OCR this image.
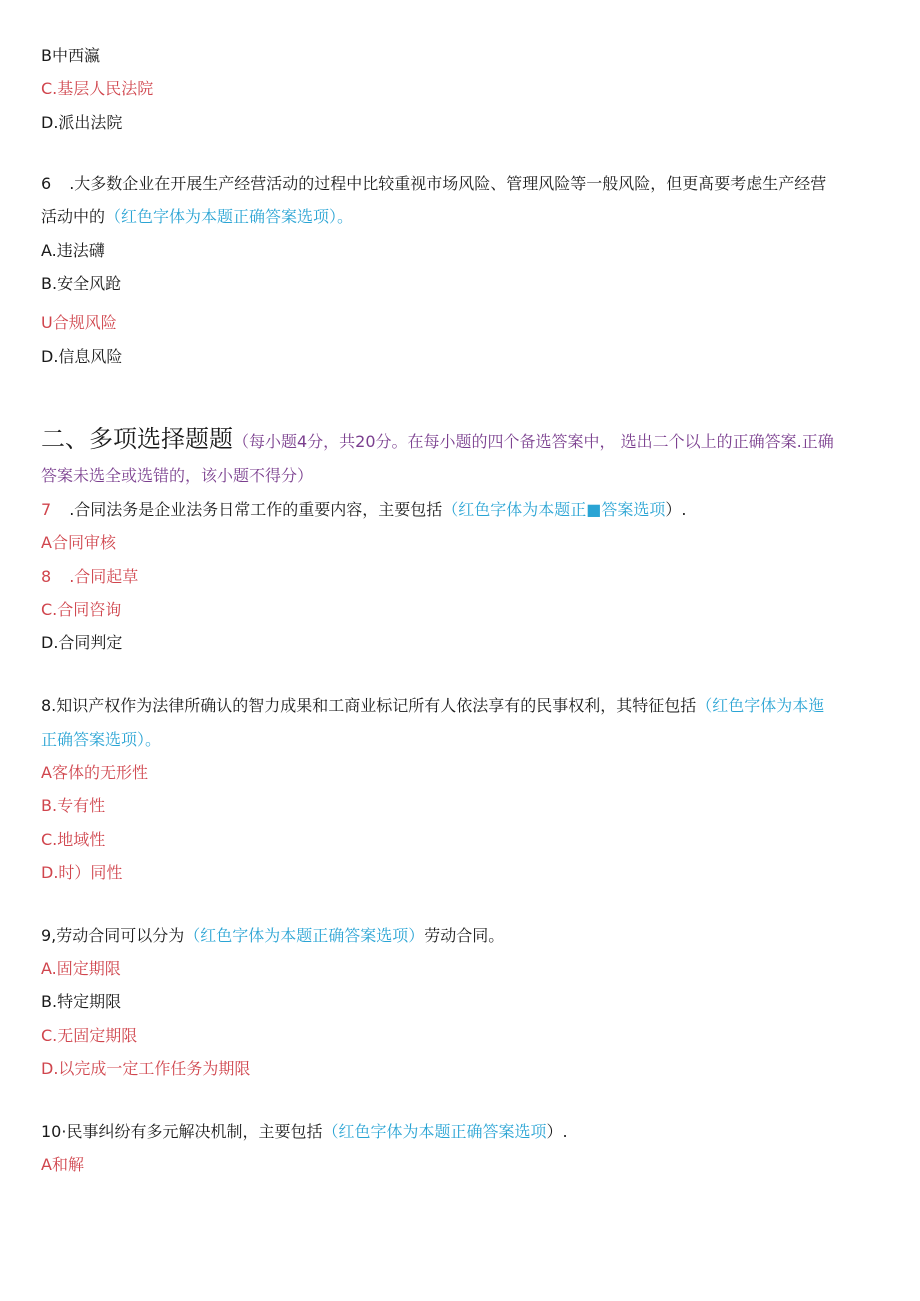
B中西瀛
C.基层人民法院
D.派出法院
6 .大多数企业在开展生产经营活动的过程中比较重视市场风险、管理风险等一般风险，但更髙要考虑生产经营
活动中的（红色字体为本题正确答案选项）。
A.违法礴
B.安全风跄
U合规风险
D.信息风险
二、多项选择题题（每小题4分，共20分。在每小题的四个备选答案中， 选出二个以上的正确答案.正确
答案未选全或选错的，该小题不得分）
7 .合同法务是企业法务日常工作的重要内容，主要包括（红色字体为本题正■答案选项）.
A合同审核
8 .合同起草
C.合同咨询
D.合同判定
8.知识产权作为法律所确认的智力成果和工商业标记所有人依法享有的民事权利，其特征包括（红色字体为本迤
正确答案选项）。
A客体的无形性
B.专有性
C.地域性
D.时）同性
9,劳动合同可以分为（红色字体为本题正确答案选项）劳动合同。
A.固定期限
B.特定期限
C.无固定期限
D.以完成一定工作任务为期限
10·民事纠纷有多元解决机制，主要包括（红色字体为本题正确答案选项）.
A和解
